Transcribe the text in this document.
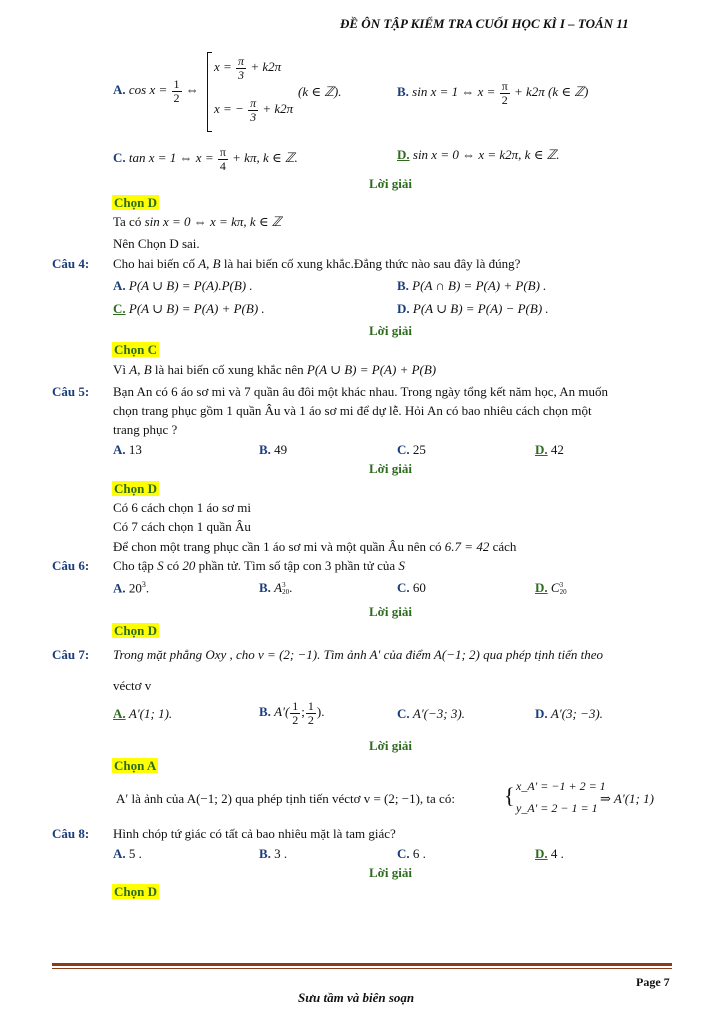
ĐỀ ÔN TẬP KIỂM TRA CUỐI HỌC KÌ I – TOÁN 11
A. $\cos x = \frac{1}{2}$ ⇔
$x = \frac{\pi}{3} + k2\pi$
x = − $\frac{\pi}{3} + k2\pi$
(k ∈ ℤ).	B. sin x = 1 ⇔ $x = \frac{\pi}{2} + k2\pi$ (k ∈ ℤ)
C. tan x = 1 ⇔ $x = \frac{\pi}{4} + k\pi$, k ∈ ℤ.	D. sin x = 0 ⇔ x = k2π, k ∈ ℤ.
Lời giải
Chọn D
Ta có sin x = 0 ⇔ x = kπ, k ∈ ℤ
Nên Chọn D sai.
Câu 4: Cho hai biến cố A, B là hai biến cố xung khắc.Đẳng thức nào sau đây là đúng?
A. P(A ∪ B) = P(A).P(B) .	B. P(A ∩ B) = P(A) + P(B) .
C. P(A ∪ B) = P(A) + P(B) .	D. P(A ∪ B) = P(A) − P(B) .
Lời giải
Chọn C
Vì A, B là hai biến cố xung khắc nên P(A ∪ B) = P(A) + P(B)
Câu 5: Bạn An có 6 áo sơ mi và 7 quần âu đôi một khác nhau. Trong ngày tổng kết năm học, An muốn
chọn trang phục gồm 1 quần Âu và 1 áo sơ mi để dự lễ. Hỏi An có bao nhiêu cách chọn một
trang phục ?
A. 13	B. 49	C. 25	D. 42
Lời giải
Chọn D
Có 6 cách chọn 1 áo sơ mi
Có 7 cách chọn 1 quần Âu
Để chon một trang phục cần 1 áo sơ mi và một quần Âu nên có 6.7 = 42 cách
Câu 6: Cho tập S có 20 phần tử. Tìm số tập con 3 phần tử của S
A. $20^3$.	B. A 3
20 .	C. 60	D. C 3
20
Lời giải
Chọn D
Câu 7: Trong mặt phẳng Oxy , cho v = (2; −1). Tìm ảnh A′ của điểm A(−1; 2) qua phép tịnh tiến theo
véctơ v
A. A′(1; 1).	B. $A'( \frac{1}{2}$ ; $\frac{1}{2}$ ).	C. A′(−3; 3).	D. A′(3; −3).
Lời giải
Chọn A
A′ là ảnh của A(−1; 2) qua phép tịnh tiến véctơ v = (2; −1), ta có: { x_A′ = −1 + 2 = 1
y_A′ = 2 − 1 = 1
⇒ A′(1; 1)
Câu 8: Hình chóp tứ giác có tất cả bao nhiêu mặt là tam giác?
A. 5 .	B. 3 .	C. 6 .	D. 4 .
Lời giải
Chọn D
Page 7
Sưu tầm và biên soạn
